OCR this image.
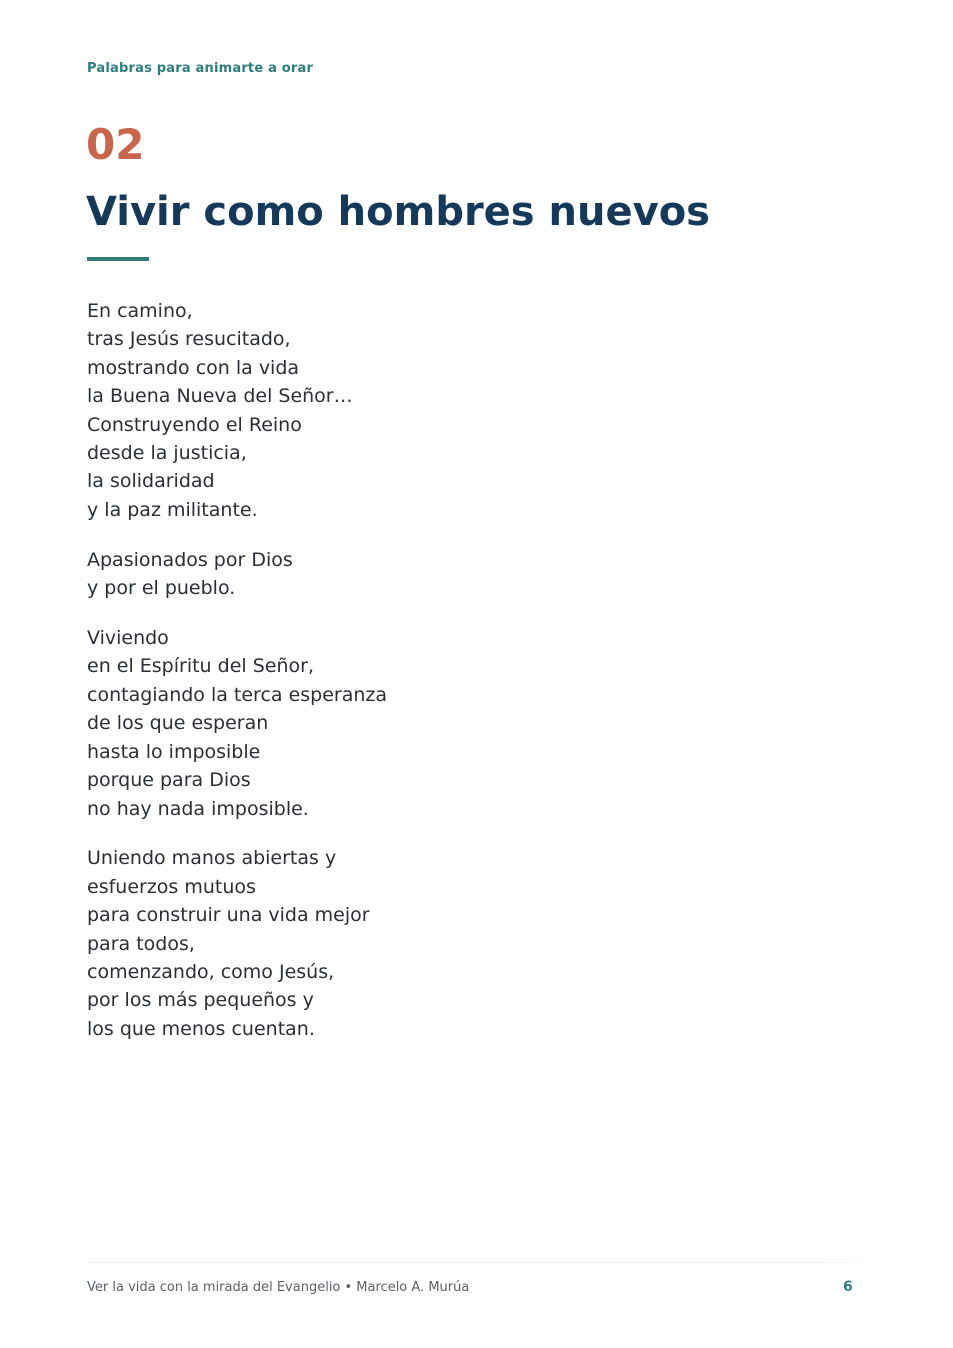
Palabras para animarte a orar
02
Vivir como hombres nuevos

En camino,
tras Jesús resucitado,
mostrando con la vida
la Buena Nueva del Señor…
Construyendo el Reino
desde la justicia,
la solidaridad
y la paz militante.

Apasionados por Dios
y por el pueblo.

Viviendo
en el Espíritu del Señor,
contagiando la terca esperanza
de los que esperan
hasta lo imposible
porque para Dios
no hay nada imposible.

Uniendo manos abiertas y
esfuerzos mutuos
para construir una vida mejor
para todos,
comenzando, como Jesús,
por los más pequeños y
los que menos cuentan.

Ver la vida con la mirada del Evangelio • Marcelo A. Murúa	6
